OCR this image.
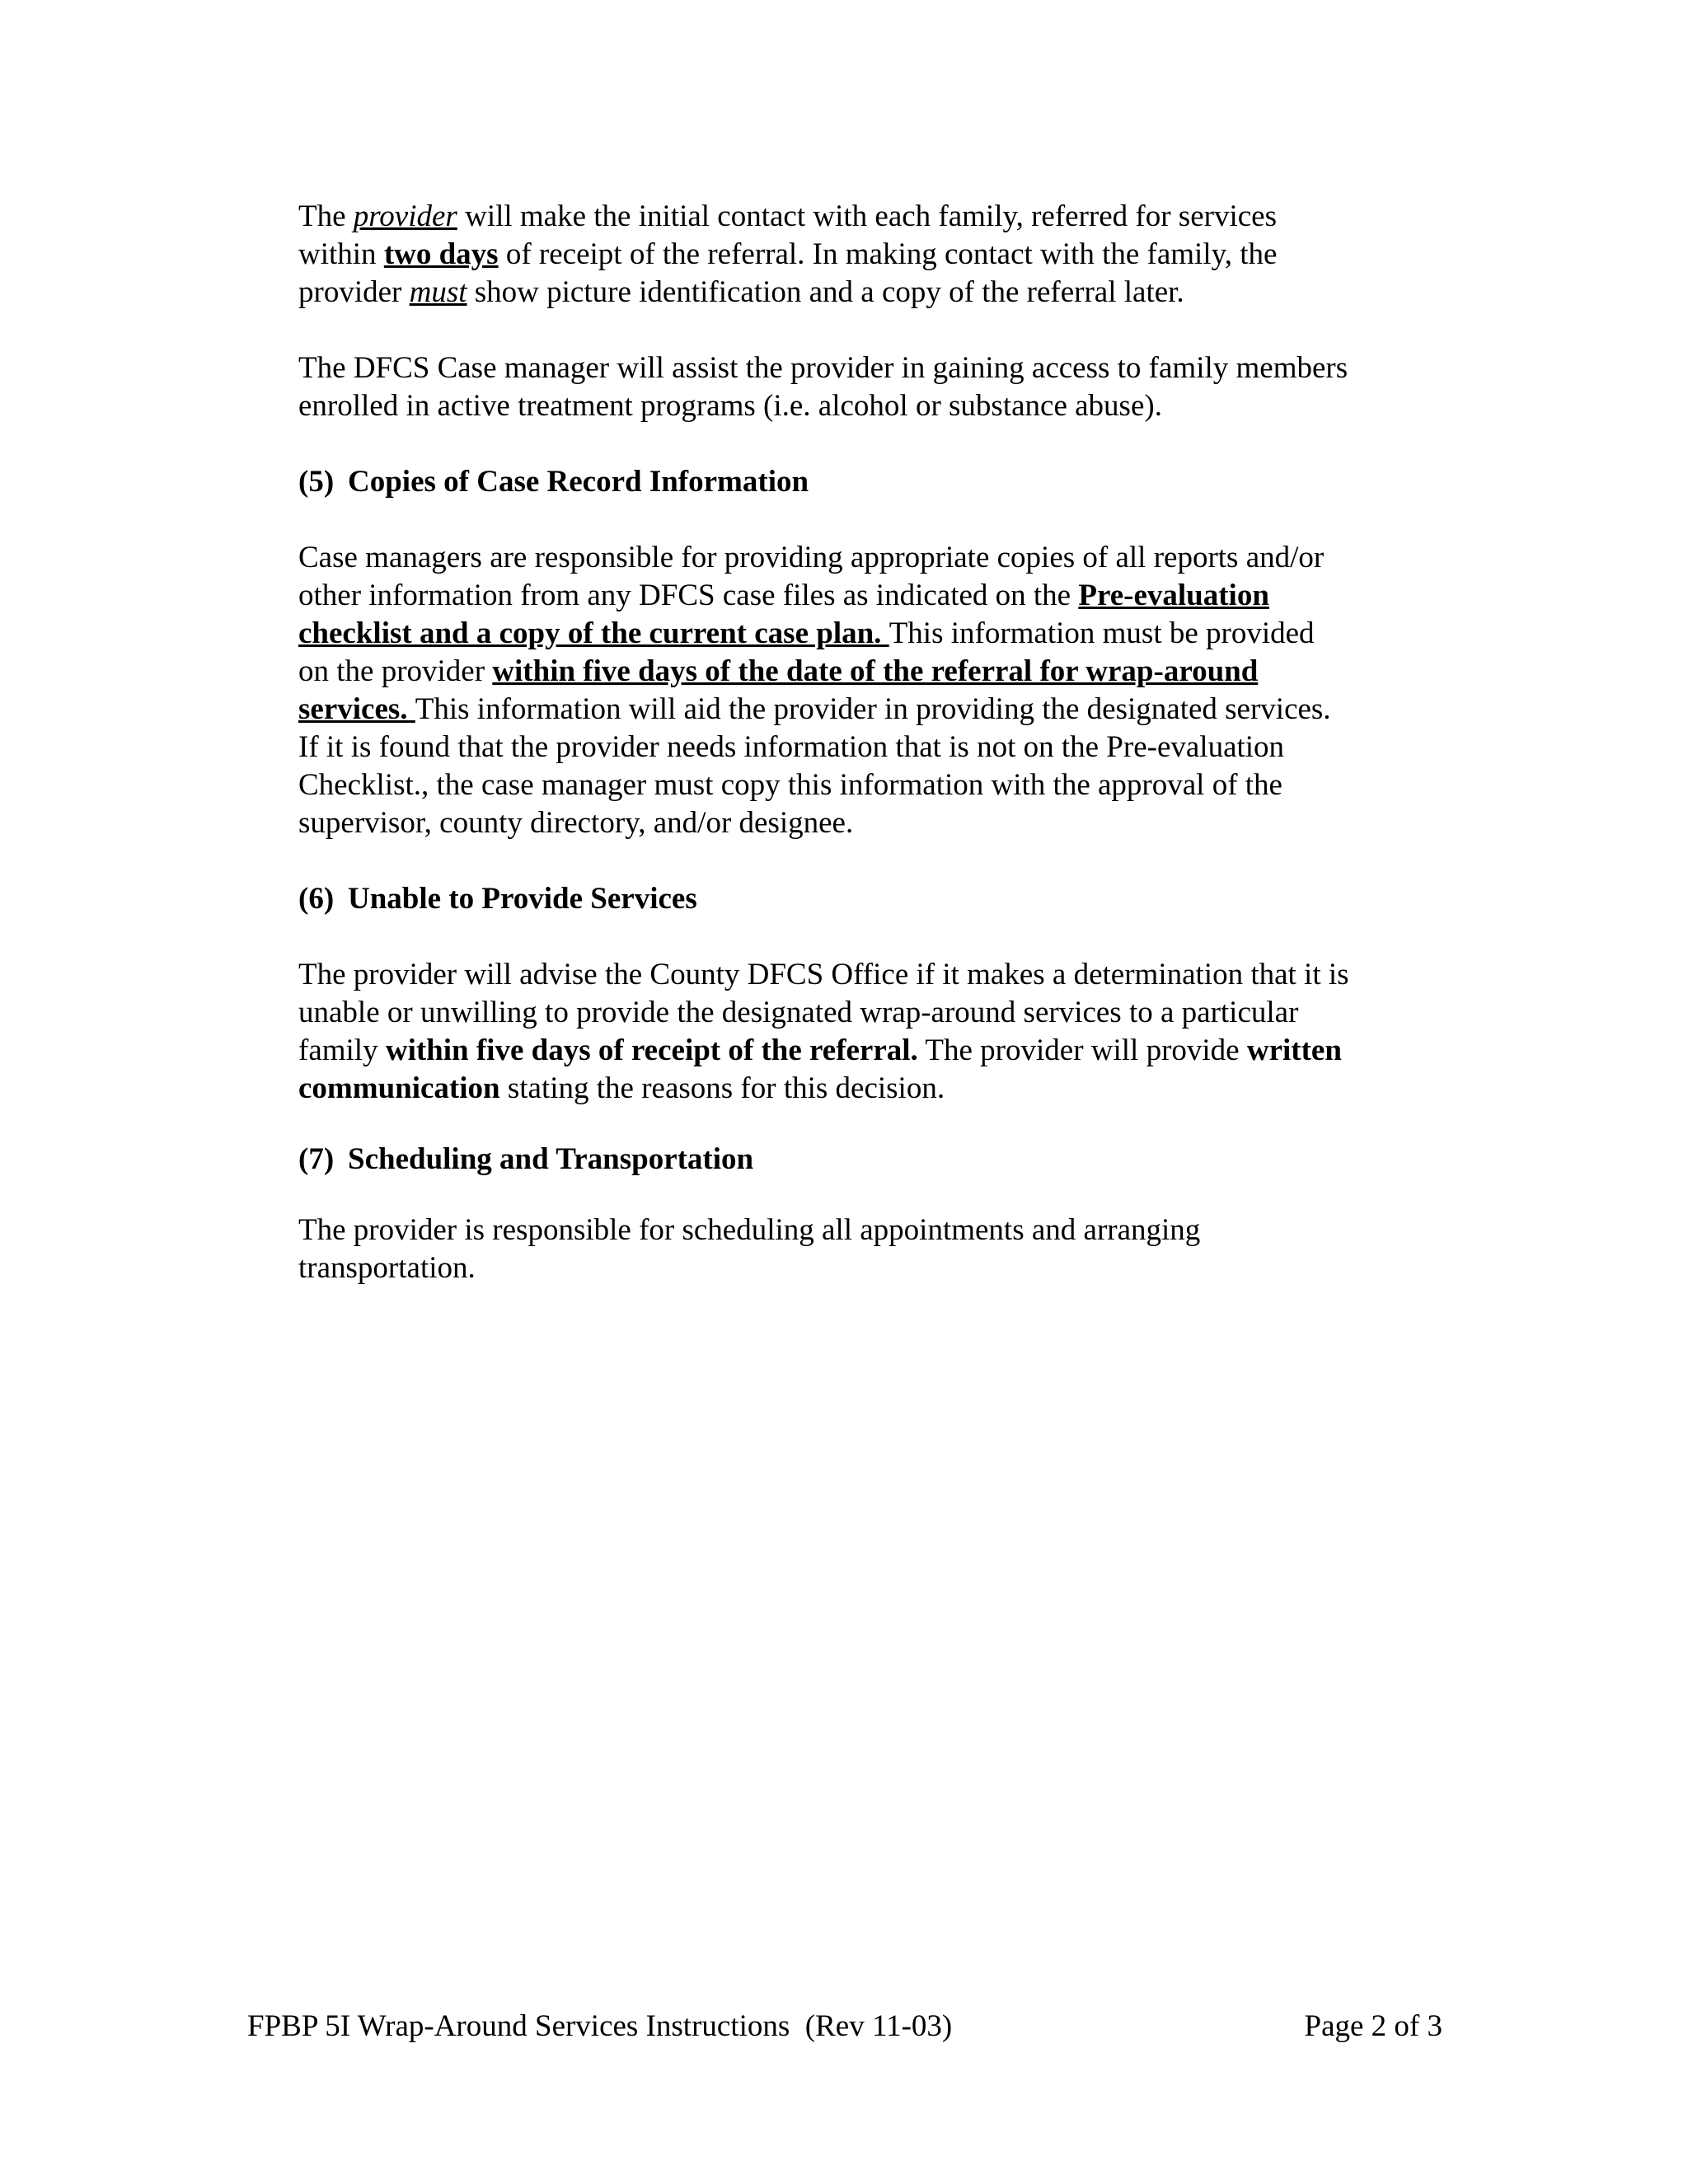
The provider will make the initial contact with each family, referred for services
within two days of receipt of the referral. In making contact with the family, the
provider must show picture identification and a copy of the referral later.

The DFCS Case manager will assist the provider in gaining access to family members
enrolled in active treatment programs (i.e. alcohol or substance abuse).

(5) Copies of Case Record Information

Case managers are responsible for providing appropriate copies of all reports and/or
other information from any DFCS case files as indicated on the Pre-evaluation
checklist and a copy of the current case plan. This information must be provided
on the provider within five days of the date of the referral for wrap-around
services. This information will aid the provider in providing the designated services.
If it is found that the provider needs information that is not on the Pre-evaluation
Checklist., the case manager must copy this information with the approval of the
supervisor, county directory, and/or designee.

(6) Unable to Provide Services

The provider will advise the County DFCS Office if it makes a determination that it is
unable or unwilling to provide the designated wrap-around services to a particular
family within five days of receipt of the referral. The provider will provide written
communication stating the reasons for this decision.

(7) Scheduling and Transportation

The provider is responsible for scheduling all appointments and arranging
transportation.

FPBP 5I Wrap-Around Services Instructions  (Rev 11-03)	Page 2 of 3
